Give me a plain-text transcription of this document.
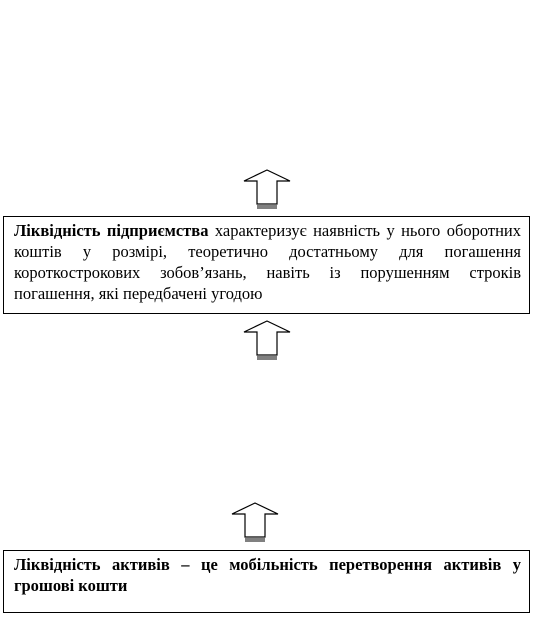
Ліквідність підприємства характеризує наявність у нього оборотних коштів у розмірі, теоретично достатньому для погашення короткострокових зобов’язань, навіть із порушенням строків погашення, які передбачені угодою
Ліквідність активів – це мобільність перетворення активів у грошові кошти
